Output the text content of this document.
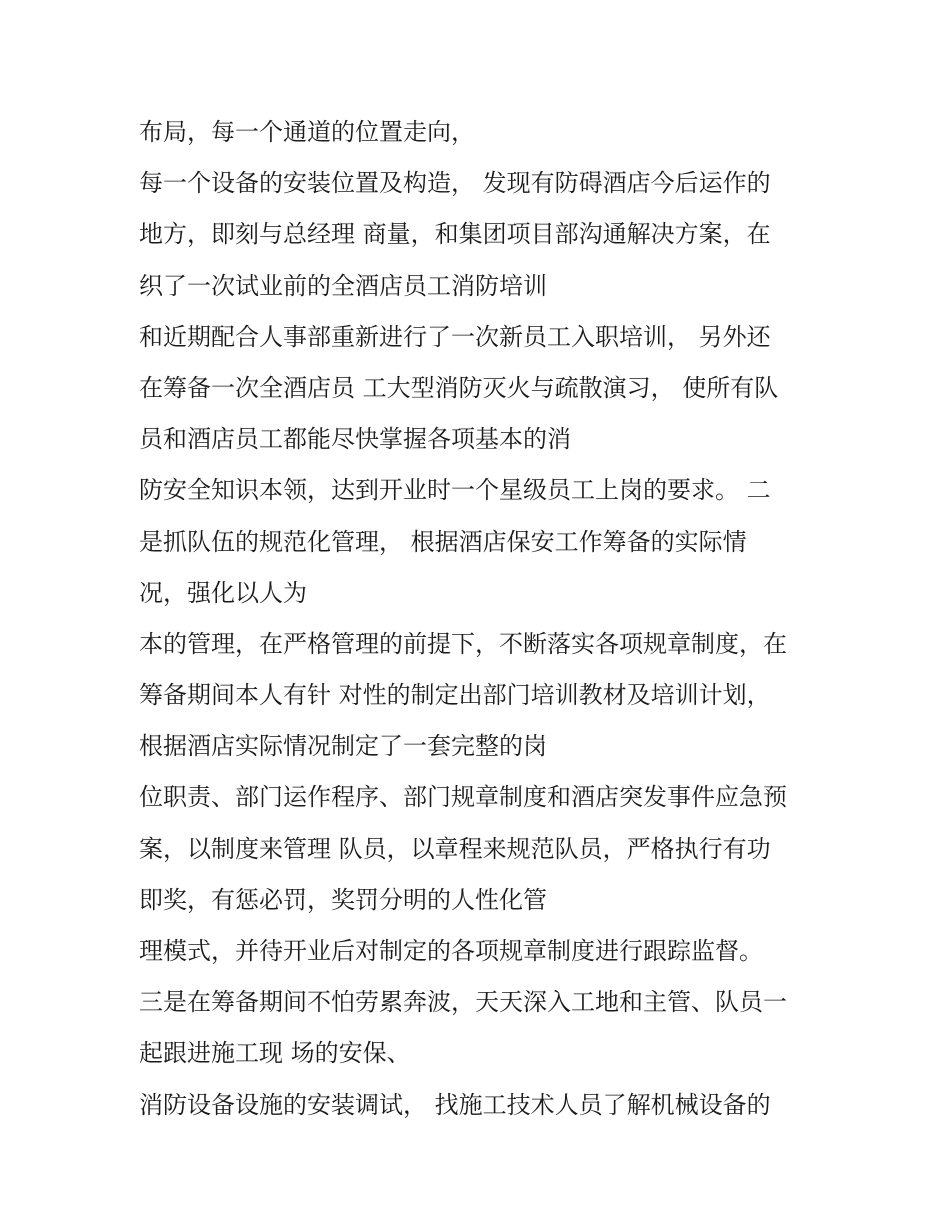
布局，每一个通道的位置走向，
每一个设备的安装位置及构造， 发现有防碍酒店今后运作的
地方，即刻与总经理 商量，和集团项目部沟通解决方案，在
织了一次试业前的全酒店员工消防培训
和近期配合人事部重新进行了一次新员工入职培训， 另外还
在筹备一次全酒店员 工大型消防灭火与疏散演习， 使所有队
员和酒店员工都能尽快掌握各项基本的消
防安全知识本领，达到开业时一个星级员工上岗的要求。 二
是抓队伍的规范化管理， 根据酒店保安工作筹备的实际情
况，强化以人为
本的管理，在严格管理的前提下，不断落实各项规章制度，在
筹备期间本人有针 对性的制定出部门培训教材及培训计划，
根据酒店实际情况制定了一套完整的岗
位职责、部门运作程序、部门规章制度和酒店突发事件应急预
案，以制度来管理 队员，以章程来规范队员，严格执行有功
即奖，有惩必罚，奖罚分明的人性化管
理模式，并待开业后对制定的各项规章制度进行跟踪监督。
三是在筹备期间不怕劳累奔波，天天深入工地和主管、队员一
起跟进施工现 场的安保、
消防设备设施的安装调试， 找施工技术人员了解机械设备的
